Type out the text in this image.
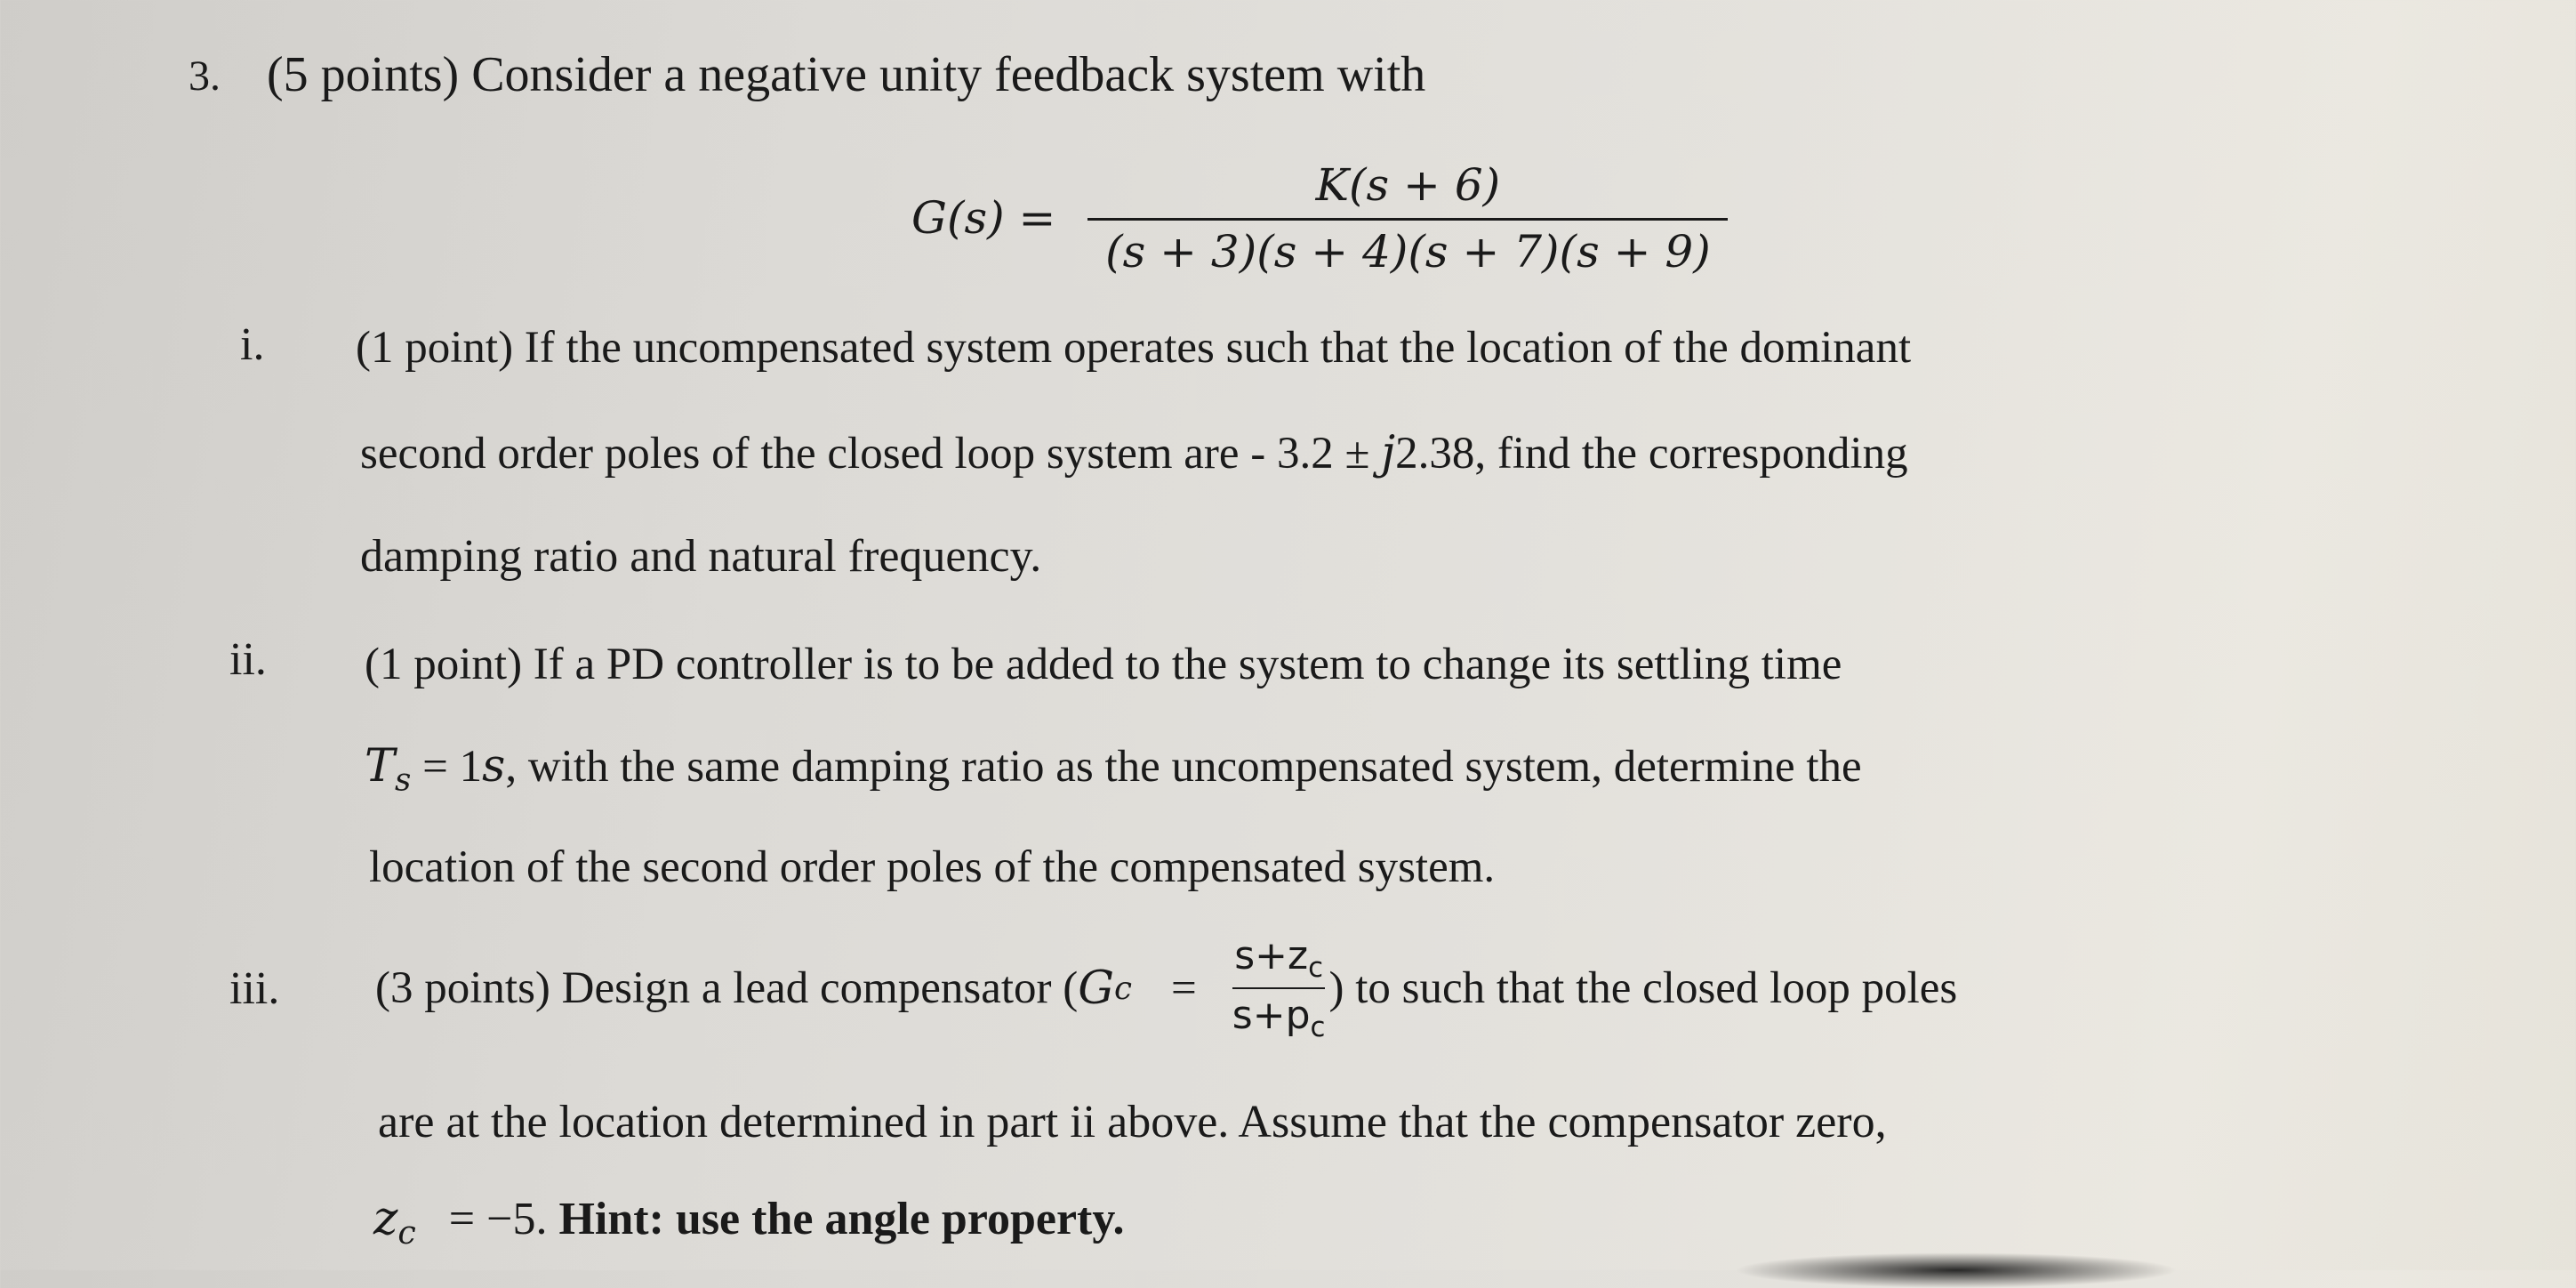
3. (5 points) Consider a negative unity feedback system with
$G(s) = \frac{K(s + 6)}{(s + 3)(s + 4)(s + 7)(s + 9)}$
i. (1 point) If the uncompensated system operates such that the location of the dominant
second order poles of the closed loop system are - 3.2 ± j2.38, find the corresponding
damping ratio and natural frequency.
ii. (1 point) If a PD controller is to be added to the system to change its settling time
$T_s = 1s$, with the same damping ratio as the uncompensated system, determine the
location of the second order poles of the compensated system.
iii. (3 points) Design a lead compensator ( G $c = \frac{s+z_c}{s+p_c}$ ) to such that the closed loop poles
are at the location determined in part ii above. Assume that the compensator zero,
$z_c = -5$. Hint: use the angle property.
